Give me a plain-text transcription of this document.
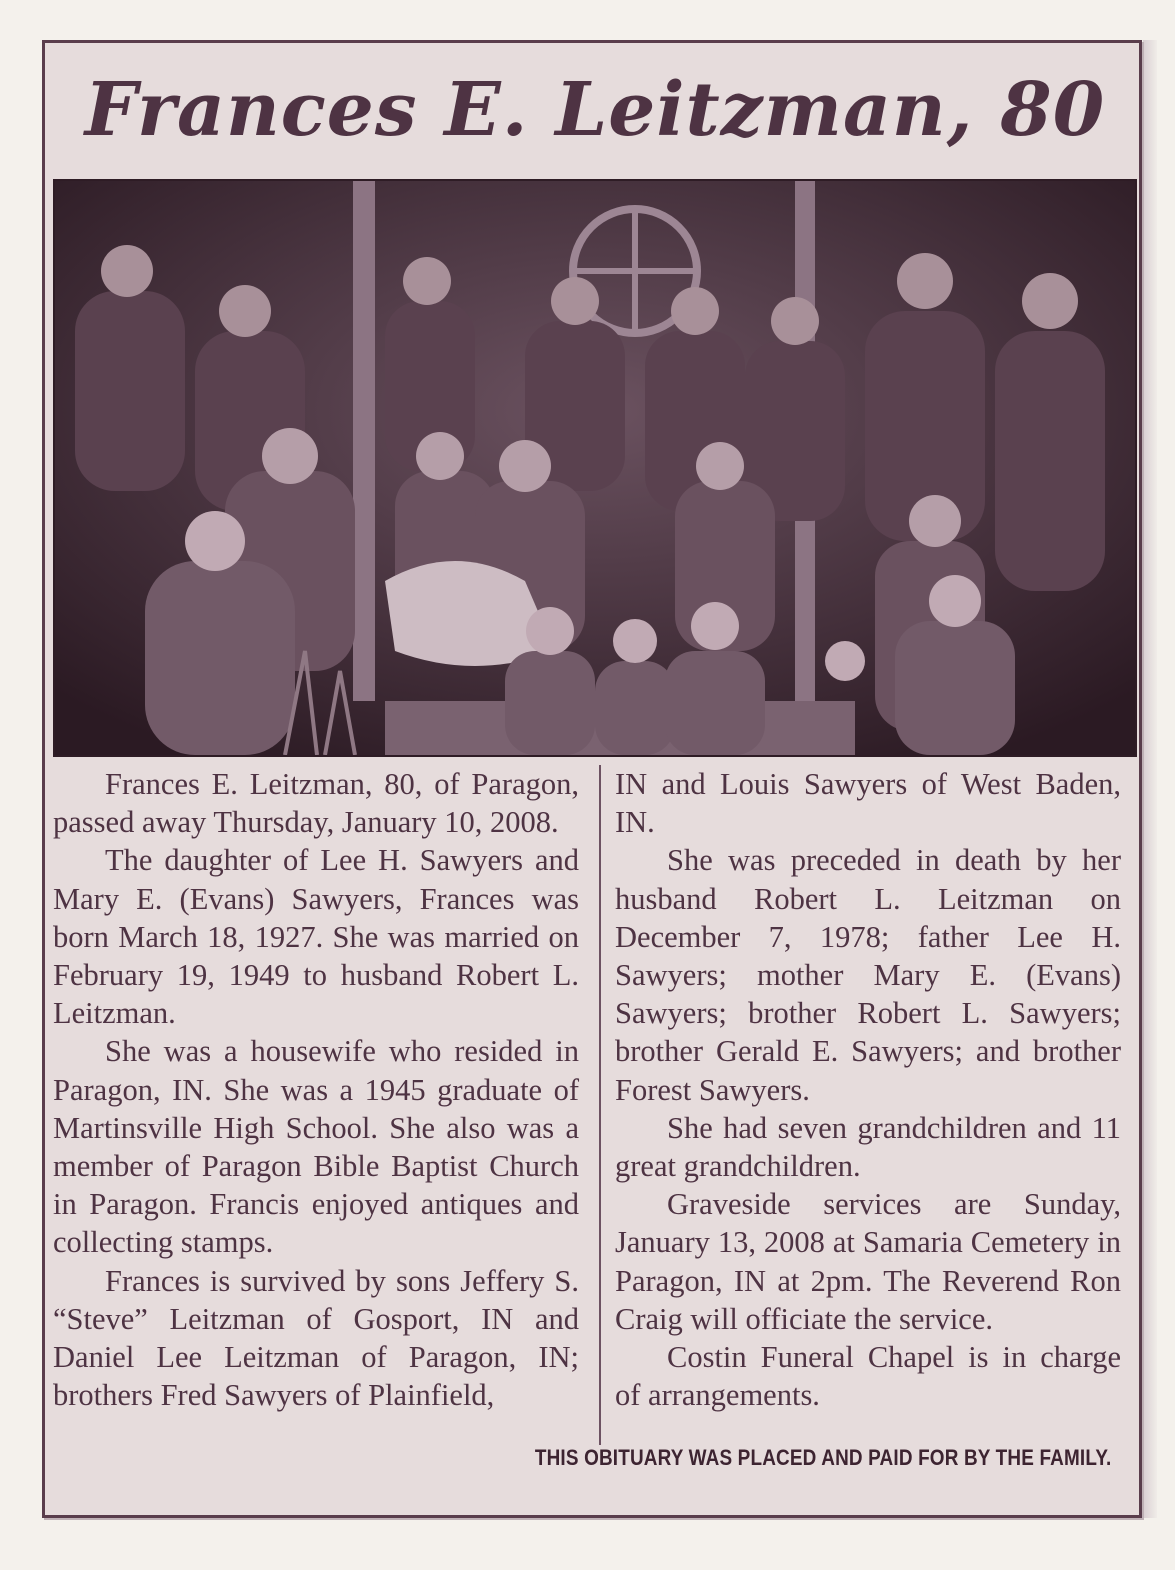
Frances E. Leitzman, 80

Frances E. Leitzman, 80, of Paragon, passed away Thursday, January 10, 2008.

The daughter of Lee H. Sawyers and Mary E. (Evans) Sawyers, Frances was born March 18, 1927. She was married on February 19, 1949 to husband Robert L. Leitzman.

She was a housewife who resided in Paragon, IN. She was a 1945 graduate of Martinsville High School. She also was a member of Paragon Bible Baptist Church in Paragon. Francis enjoyed antiques and collecting stamps.

Frances is survived by sons Jeffery S. “Steve” Leitzman of Gosport, IN and Daniel Lee Leitzman of Paragon, IN; brothers Fred Sawyers of Plainfield,

IN and Louis Sawyers of West Baden, IN.

She was preceded in death by her husband Robert L. Leitzman on December 7, 1978; father Lee H. Sawyers; mother Mary E. (Evans) Sawyers; brother Robert L. Sawyers; brother Gerald E. Sawyers; and brother Forest Sawyers.

She had seven grandchildren and 11 great grandchildren.

Graveside services are Sunday, January 13, 2008 at Samaria Cemetery in Paragon, IN at 2pm. The Reverend Ron Craig will officiate the service.

Costin Funeral Chapel is in charge of arrangements.

THIS OBITUARY WAS PLACED AND PAID FOR BY THE FAMILY.
